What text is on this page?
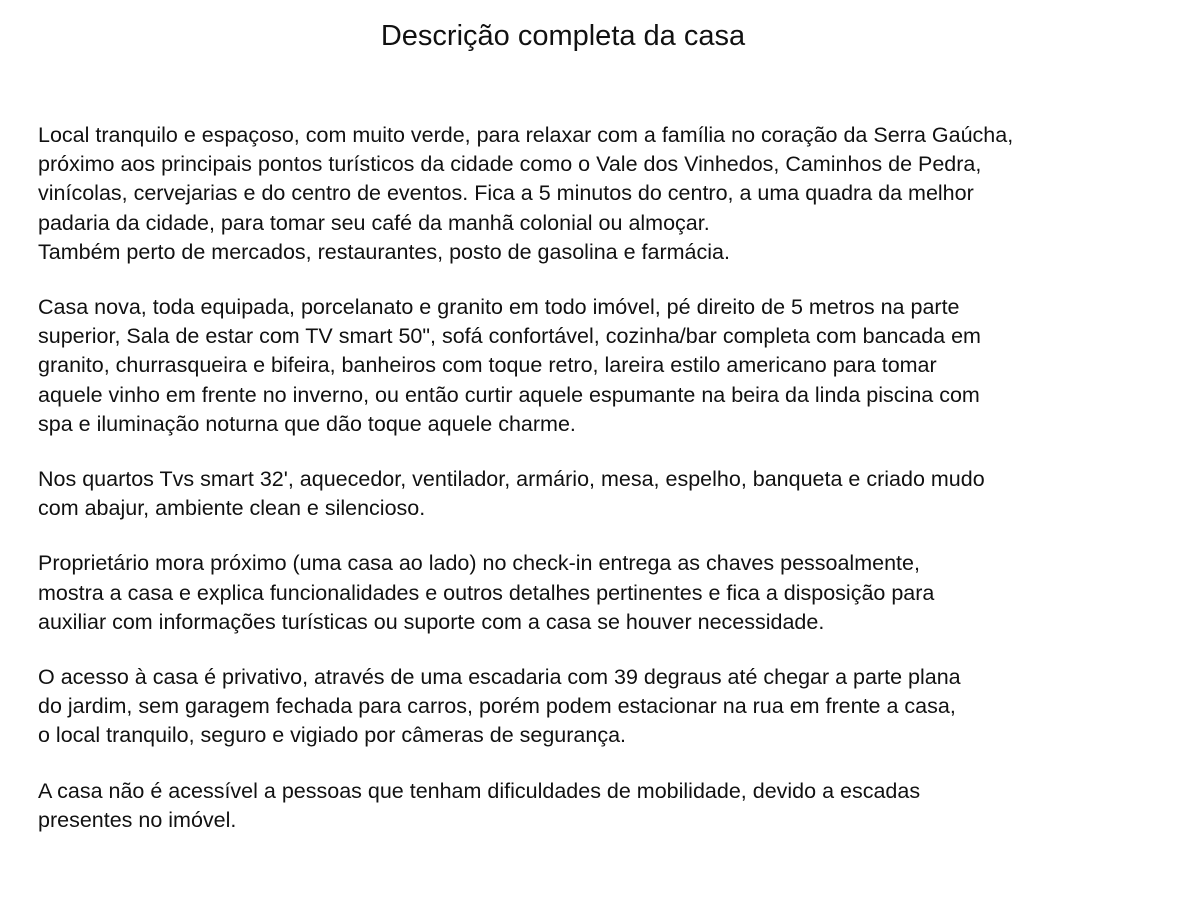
Descrição completa da casa

Local tranquilo e espaçoso, com muito verde, para relaxar com a família no coração da Serra Gaúcha,
próximo aos principais pontos turísticos da cidade como o Vale dos Vinhedos, Caminhos de Pedra,
vinícolas, cervejarias e do centro de eventos. Fica a 5 minutos do centro, a uma quadra da melhor
padaria da cidade, para tomar seu café da manhã colonial ou almoçar.
Também perto de mercados, restaurantes, posto de gasolina e farmácia.

Casa nova, toda equipada, porcelanato e granito em todo imóvel, pé direito de 5 metros na parte
superior, Sala de estar com TV smart 50", sofá confortável, cozinha/bar completa com bancada em
granito, churrasqueira e bifeira, banheiros com toque retro, lareira estilo americano para tomar
aquele vinho em frente no inverno, ou então curtir aquele espumante na beira da linda piscina com
spa e iluminação noturna que dão toque aquele charme.

Nos quartos Tvs smart 32', aquecedor, ventilador, armário, mesa, espelho, banqueta e criado mudo
com abajur, ambiente clean e silencioso.

Proprietário mora próximo (uma casa ao lado) no check-in entrega as chaves pessoalmente,
mostra a casa e explica funcionalidades e outros detalhes pertinentes e fica a disposição para
auxiliar com informações turísticas ou suporte com a casa se houver necessidade.

O acesso à casa é privativo, através de uma escadaria com 39 degraus até chegar a parte plana
do jardim, sem garagem fechada para carros, porém podem estacionar na rua em frente a casa,
o local tranquilo, seguro e vigiado por câmeras de segurança.

A casa não é acessível a pessoas que tenham dificuldades de mobilidade, devido a escadas
presentes no imóvel.
